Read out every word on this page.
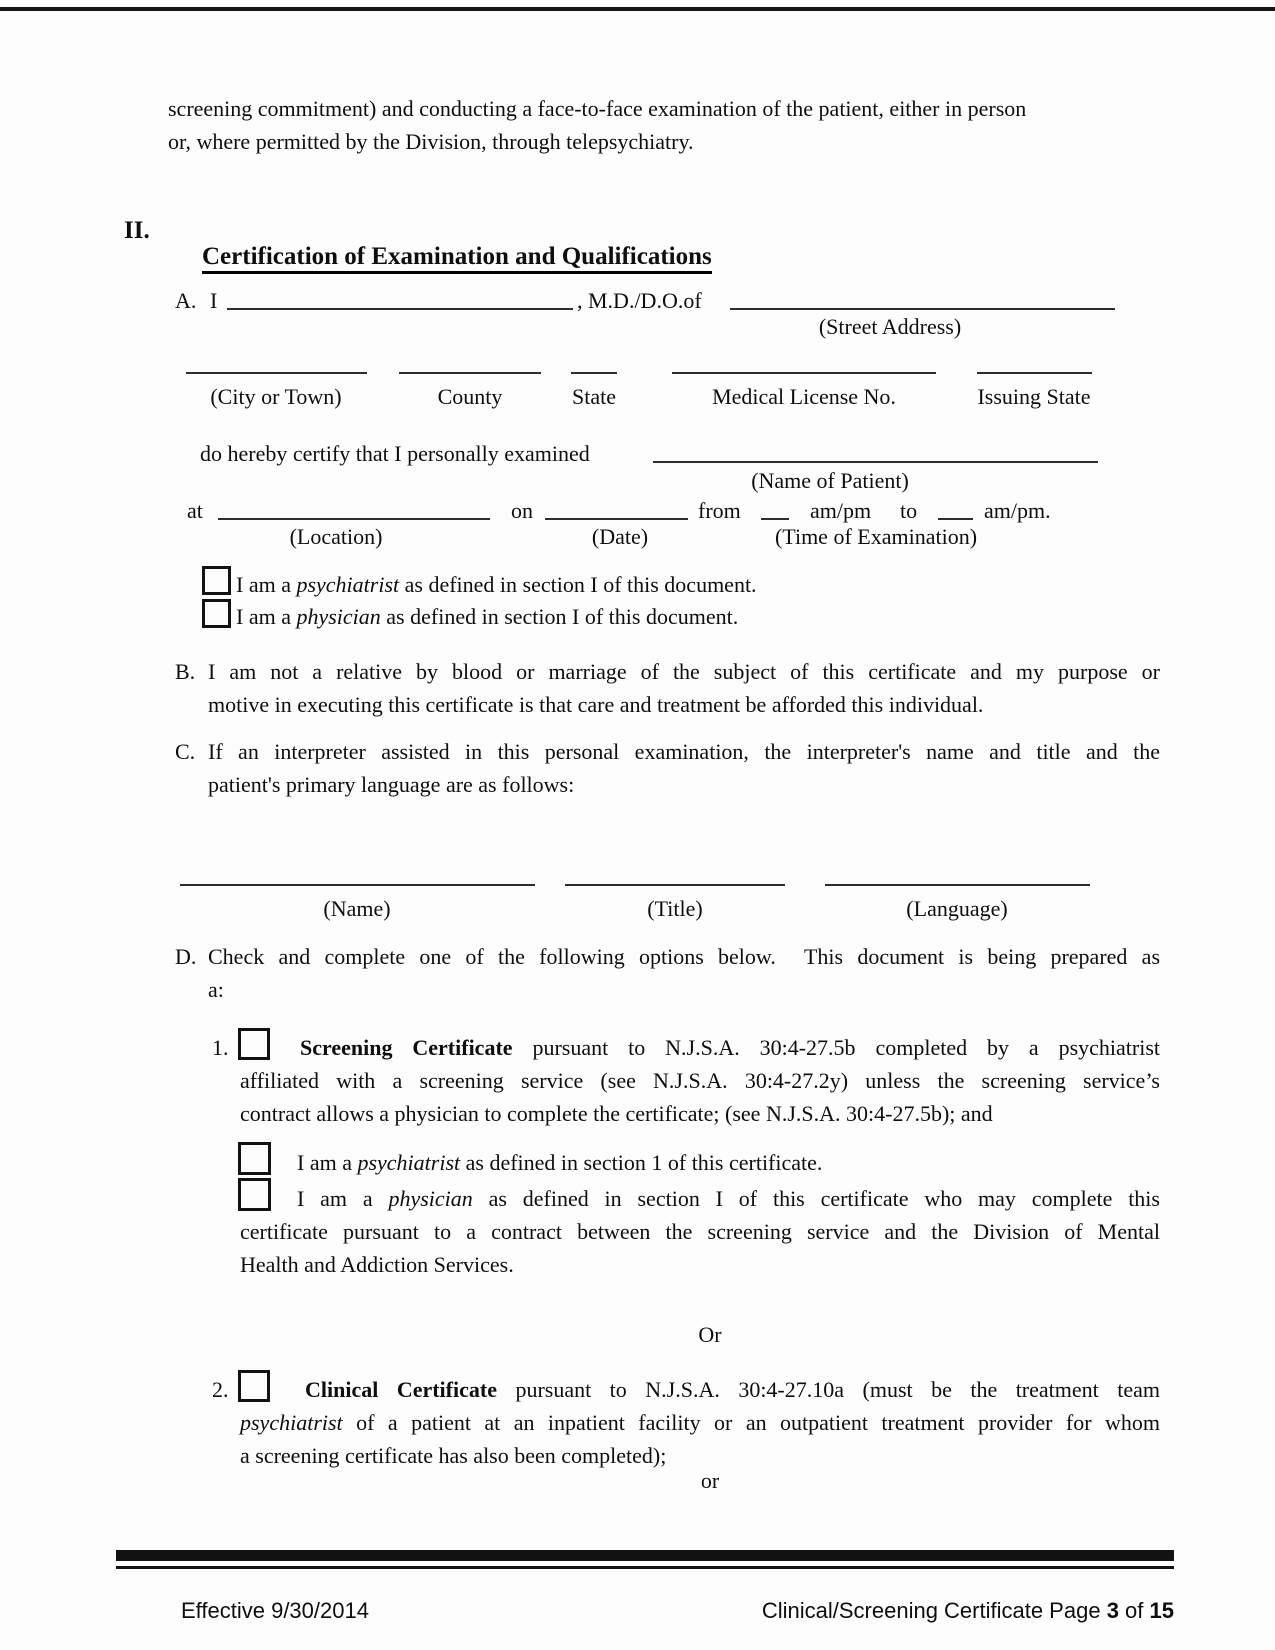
screening commitment) and conducting a face-to-face examination of the patient, either in person
or, where permitted by the Division, through telepsychiatry.
II.

Certification of Examination and Qualifications

A. I	, M.D./D.O.of
(Street Address)
(City or Town)	County	State	Medical License No.	Issuing State
do hereby certify that I personally examined
(Name of Patient)
at	on	from	am/pm to	am/pm.
(Location)	(Date)	(Time of Examination)
I am a psychiatrist as defined in section I of this document.
I am a physician as defined in section I of this document.
B. I am not a relative by blood or marriage of the subject of this certificate and my purpose or
motive in executing this certificate is that care and treatment be afforded this individual.
C. If an interpreter assisted in this personal examination, the interpreter's name and title and the
patient's primary language are as follows:
(Name)	(Title)	(Language)
D. Check and complete one of the following options below.  This document is being prepared as
a:
1.	Screening Certificate pursuant to N.J.S.A. 30:4-27.5b completed by a psychiatrist
affiliated with a screening service (see N.J.S.A. 30:4-27.2y) unless the screening service’s
contract allows a physician to complete the certificate; (see N.J.S.A. 30:4-27.5b); and
I am a psychiatrist as defined in section 1 of this certificate.
I am a physician as defined in section I of this certificate who may complete this
certificate pursuant to a contract between the screening service and the Division of Mental
Health and Addiction Services.
Or
2.	Clinical Certificate pursuant to N.J.S.A. 30:4-27.10a (must be the treatment team
psychiatrist of a patient at an inpatient facility or an outpatient treatment provider for whom
a screening certificate has also been completed);
or
Effective 9/30/2014	Clinical/Screening Certificate Page 3 of 15
